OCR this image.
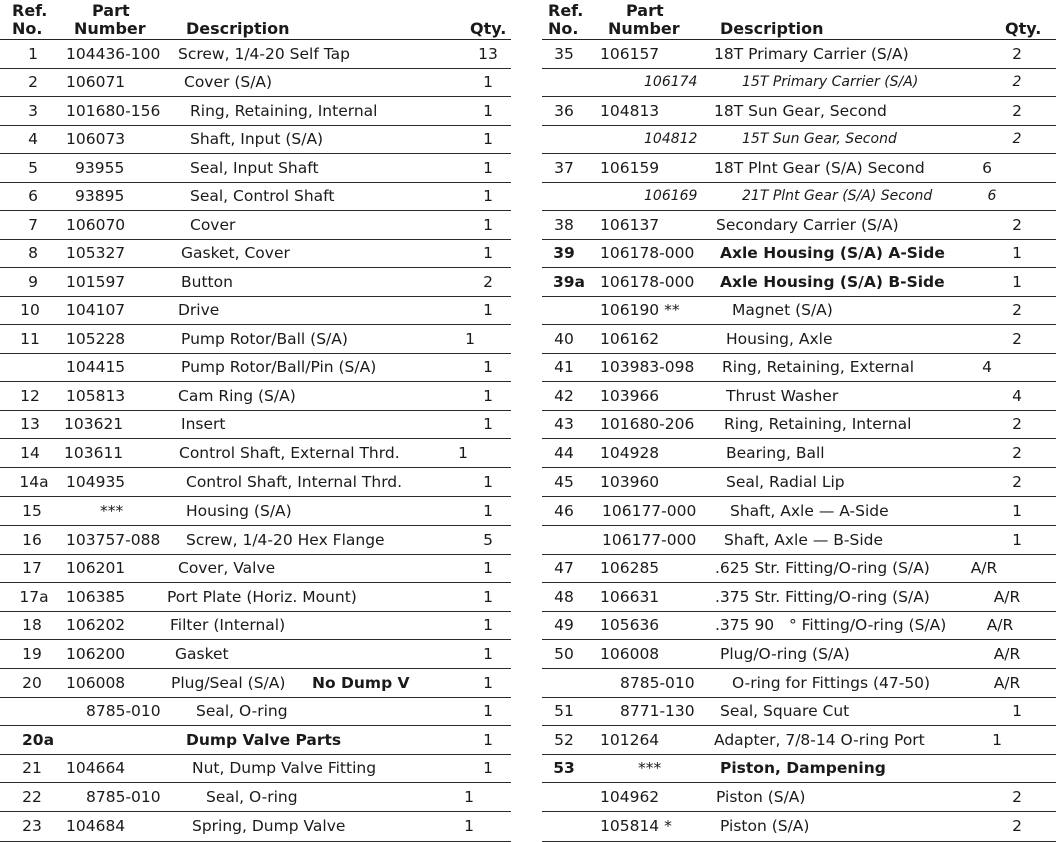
Ref.
No.
Part
Number	Description	Qty.
1 104436-100 Screw, 1/4-20 Self Tap	13
2 106071	Cover (S/A)	1
3 101680-156 Ring, Retaining, Internal	1
4 106073	Shaft, Input (S/A)	1
5 93955	Seal, Input Shaft	1
6 93895	Seal, Control Shaft	1
7 106070	Cover	1
8 105327	Gasket, Cover	1
9 101597	Button	2
10 104107	Drive	1
11 105228	Pump Rotor/Ball (S/A)	1
104415	Pump Rotor/Ball/Pin (S/A)	1
12 105813	Cam Ring (S/A)	1
13 103621	Insert	1
14 103611	Control Shaft, External Thrd.	1
14a 104935	Control Shaft, Internal Thrd.	1
15	***	Housing (S/A)	1
16 103757-088 Screw, 1/4-20 Hex Flange	5
17 106201	Cover, Valve	1
17a 106385	Port Plate (Horiz. Mount)	1
18 106202	Filter (Internal)	1
19 106200	Gasket	1
20 106008	Plug/Seal (S/A) No Dump V	1
8785-010 Seal, O-ring	1
20a	Dump Valve Parts	1
21 104664	Nut, Dump Valve Fitting	1
22	8785-010	Seal, O-ring	1
23 104684	Spring, Dump Valve	1
Ref.
No.
Part
Number	Description	Qty.
35 106157	18T Primary Carrier (S/A)	2
106174	15T Primary Carrier (S/A)	2
36 104813	18T Sun Gear, Second	2
104812	15T Sun Gear, Second	2
37 106159	18T Plnt Gear (S/A) Second	6
106169	21T Plnt Gear (S/A) Second	6
38 106137	Secondary Carrier (S/A)	2
39 106178-000 Axle Housing (S/A) A-Side	1
39a 106178-000 Axle Housing (S/A) B-Side	1
106190 **	Magnet (S/A)	2
40 106162	Housing, Axle	2
41 103983-098 Ring, Retaining, External	4
42 103966	Thrust Washer	4
43 101680-206 Ring, Retaining, Internal	2
44 104928	Bearing, Ball	2
45 103960	Seal, Radial Lip	2
46 106177-000 Shaft, Axle — A-Side	1
106177-000 Shaft, Axle — B-Side	1
47 106285	.625 Str. Fitting/O-ring (S/A)	A/R
48 106631	.375 Str. Fitting/O-ring (S/A)	A/R
49 105636	.375 90   ° Fitting/O-ring (S/A)	A/R
50 106008	Plug/O-ring (S/A)	A/R
8785-010 O-ring for Fittings (47-50)	A/R
51	8771-130 Seal, Square Cut	1
52 101264	Adapter, 7/8-14 O-ring Port	1
53	***	Piston, Dampening
104962	Piston (S/A)	2
105814 *	Piston (S/A)	2
